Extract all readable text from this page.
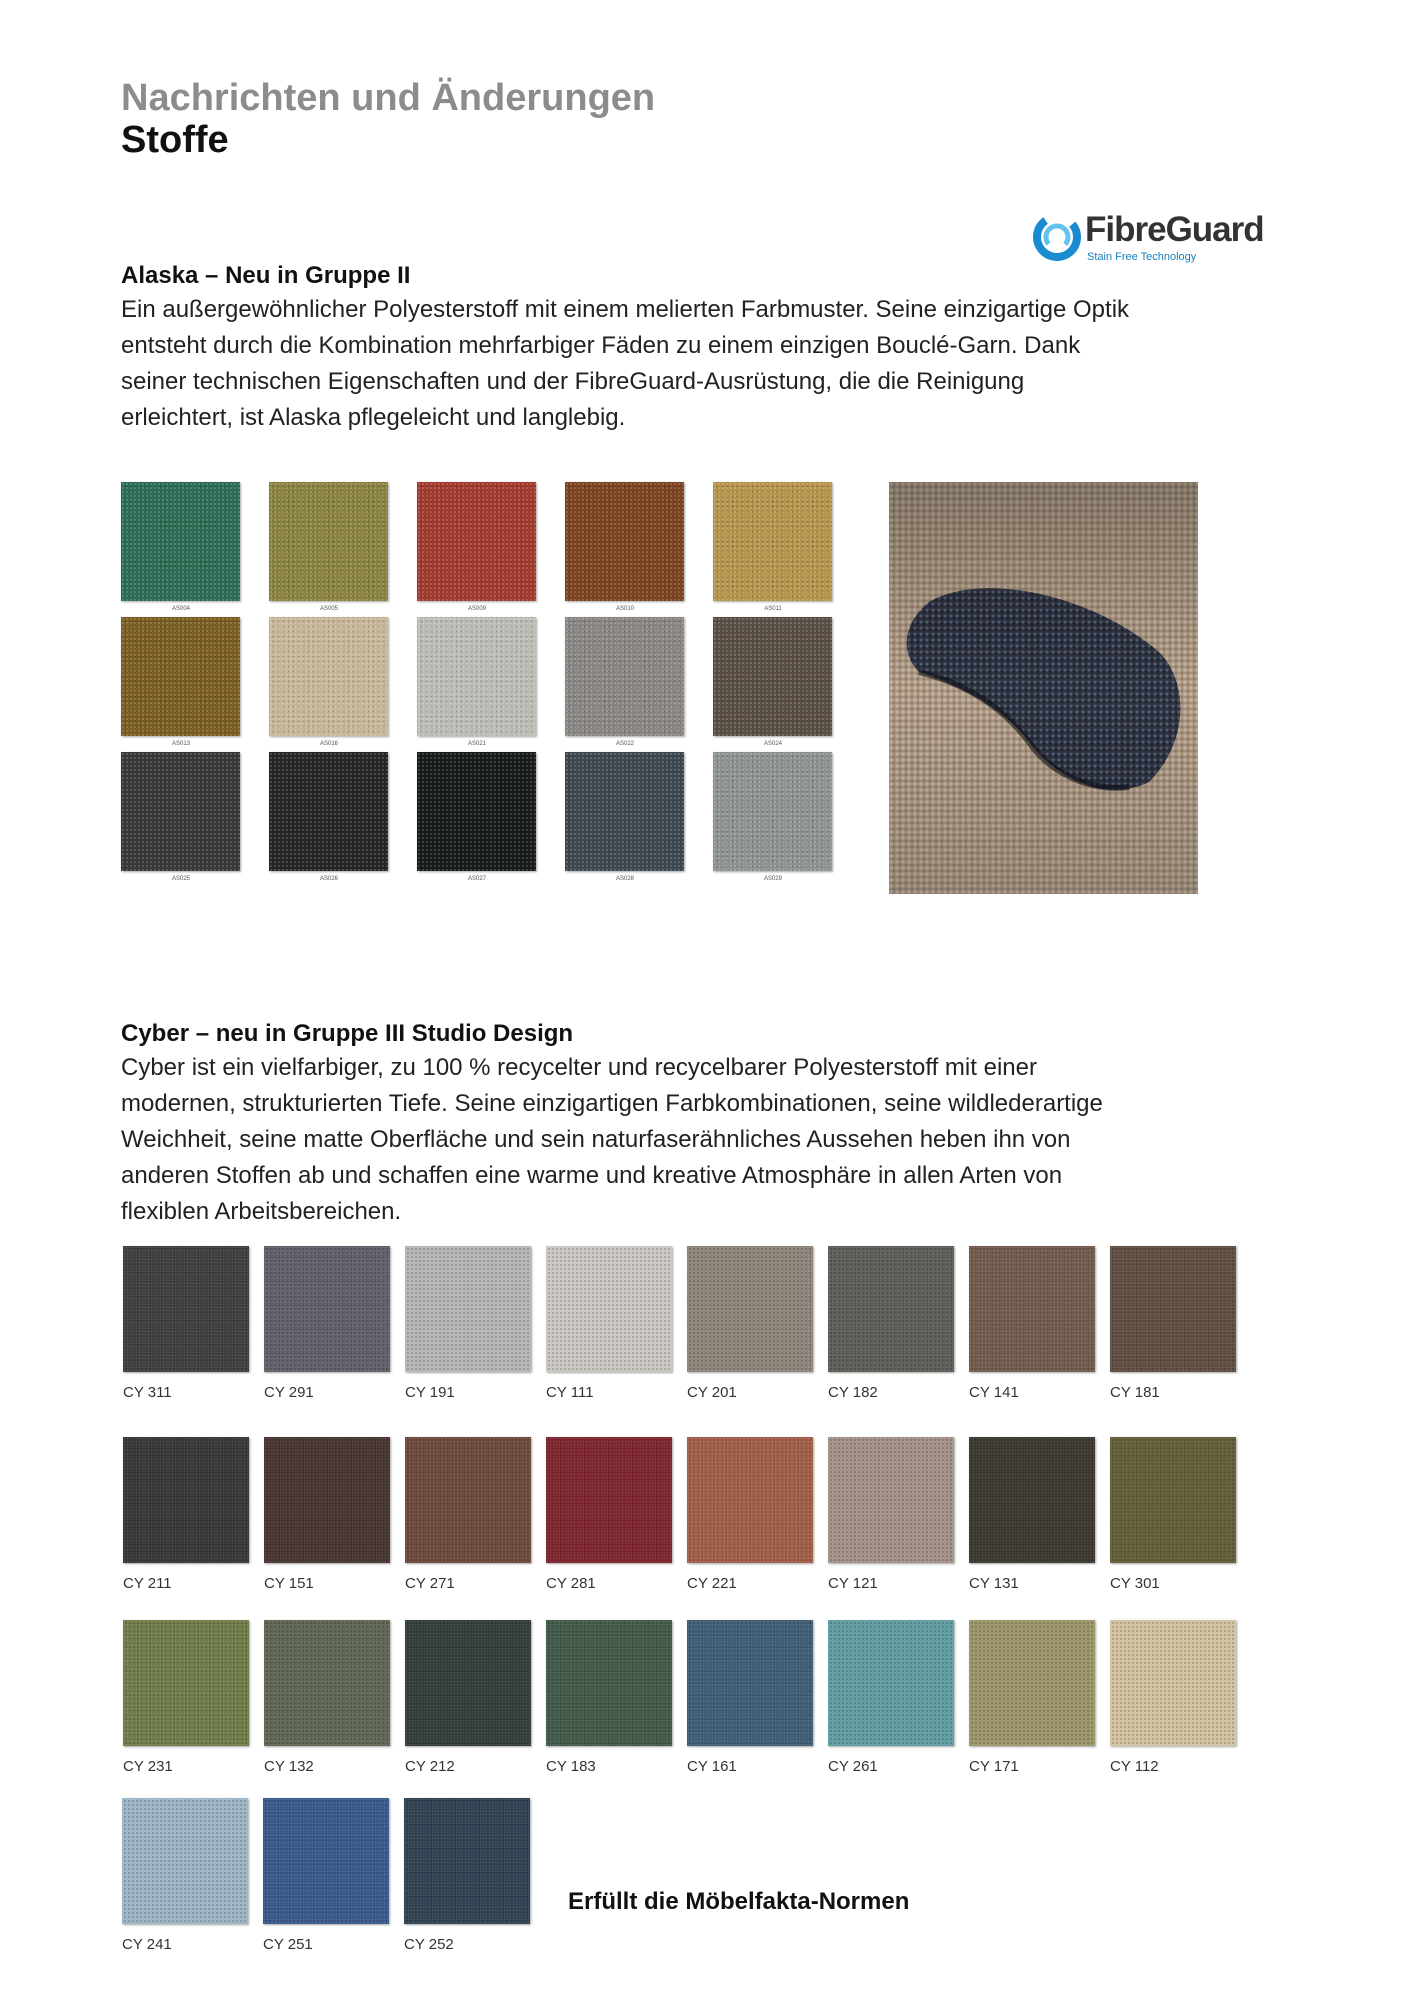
Nachrichten und Änderungen
Stoffe
FibreGuard
Stain Free Technology
Alaska – Neu in Gruppe II

Ein außergewöhnlicher Polyesterstoff mit einem melierten Farbmuster. Seine einzigartige Optik
entsteht durch die Kombination mehrfarbiger Fäden zu einem einzigen Bouclé-Garn. Dank
seiner technischen Eigenschaften und der FibreGuard-Ausrüstung, die die Reinigung
erleichtert, ist Alaska pflegeleicht und langlebig.

AS004	AS005	AS009	AS010	AS011
AS013	AS016	AS021	AS022	AS024
AS025	AS026	AS027	AS028	AS029
Cyber – neu in Gruppe III Studio Design

Cyber ist ein vielfarbiger, zu 100 % recycelter und recycelbarer Polyesterstoff mit einer
modernen, strukturierten Tiefe. Seine einzigartigen Farbkombinationen, seine wildlederartige
Weichheit, seine matte Oberfläche und sein naturfaserähnliches Aussehen heben ihn von
anderen Stoffen ab und schaffen eine warme und kreative Atmosphäre in allen Arten von
flexiblen Arbeitsbereichen.

CY 311	CY 291	CY 191	CY 111	CY 201	CY 182	CY 141	CY 181
CY 211	CY 151	CY 271	CY 281	CY 221	CY 121	CY 131	CY 301
CY 231	CY 132	CY 212	CY 183	CY 161	CY 261	CY 171	CY 112
CY 241	CY 251	CY 252
Erfüllt die Möbelfakta-Normen
